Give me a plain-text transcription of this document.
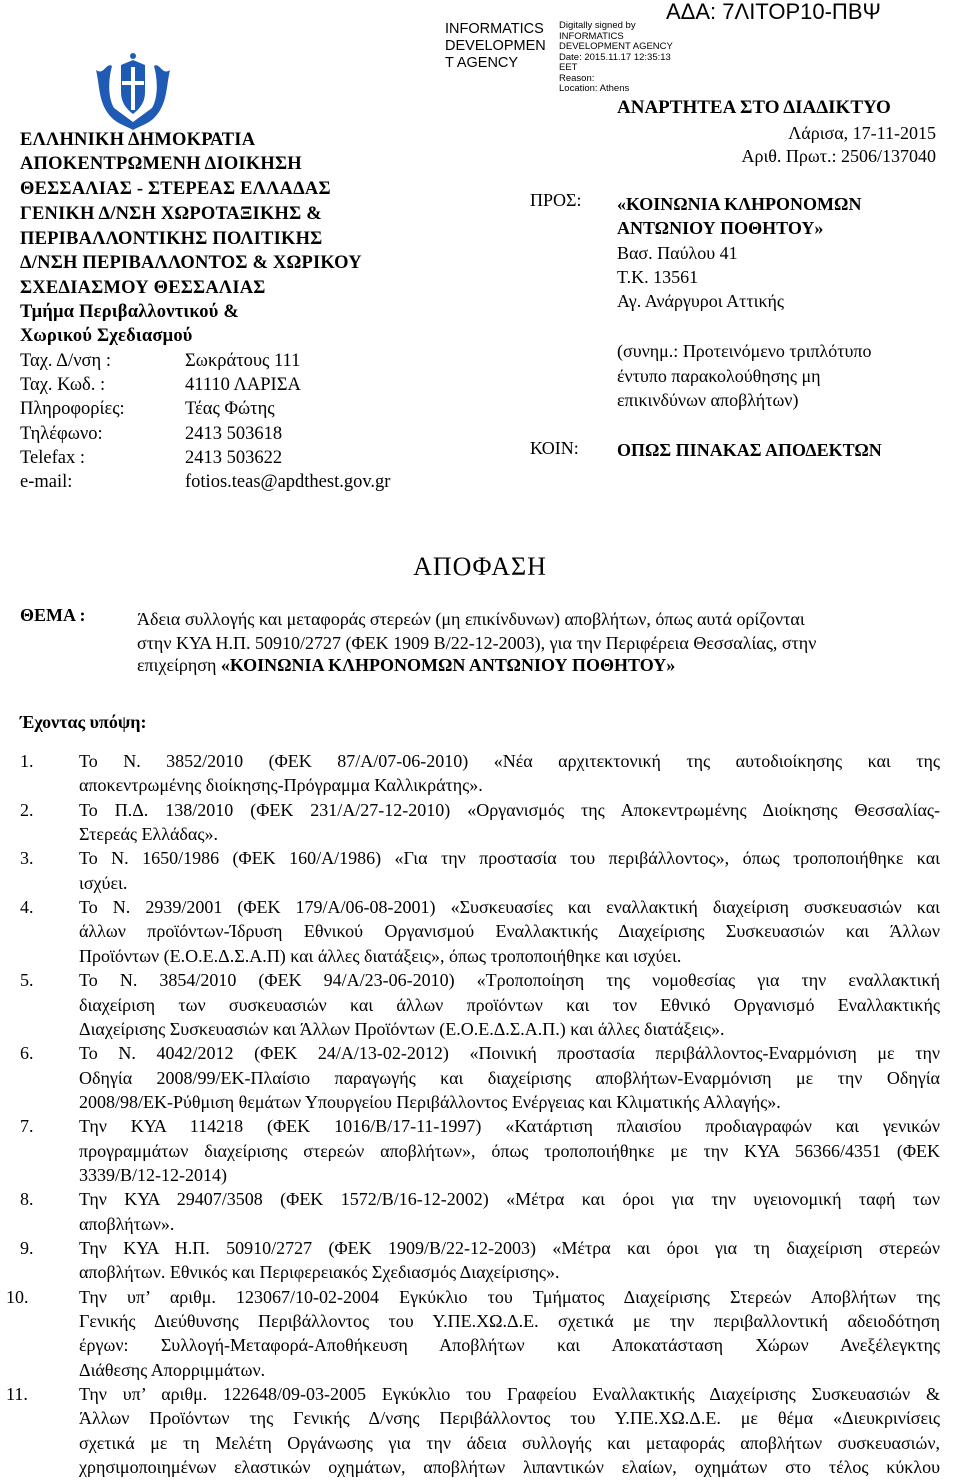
ΑΔΑ: 7ΛΙΤΟΡ10-ΠΒΨ
INFORMATICS
DEVELOPMEN
T AGENCY
Digitally signed by
INFORMATICS
DEVELOPMENT AGENCY
Date: 2015.11.17 12:35:13
EET
Reason:
Location: Athens
ΕΛΛΗΝΙΚΗ ΔΗΜΟΚΡΑΤΙΑ
ΑΠΟΚΕΝΤΡΩΜΕΝΗ ΔΙΟΙΚΗΣΗ
ΘΕΣΣΑΛΙΑΣ - ΣΤΕΡΕΑΣ ΕΛΛΑΔΑΣ
ΓΕΝΙΚΗ Δ/ΝΣΗ ΧΩΡΟΤΑΞΙΚΗΣ &
ΠΕΡΙΒΑΛΛΟΝΤΙΚΗΣ ΠΟΛΙΤΙΚΗΣ
Δ/ΝΣΗ ΠΕΡΙΒΑΛΛΟΝΤΟΣ & ΧΩΡΙΚΟΥ
ΣΧΕΔΙΑΣΜΟΥ ΘΕΣΣΑΛΙΑΣ
Τμήμα Περιβαλλοντικού &
Χωρικού Σχεδιασμού
Ταχ. Δ/νση :	Σωκράτους 111
Ταχ. Κωδ. :	41110 ΛΑΡΙΣΑ
Πληροφορίες:	Τέας Φώτης
Τηλέφωνο:	2413 503618
Telefax :	2413 503622
e-mail:	fotios.teas@apdthest.gov.gr
ΑΝΑΡΤΗΤΕΑ ΣΤΟ ΔΙΑΔΙΚΤΥΟ
Λάρισα, 17-11-2015
Αριθ. Πρωτ.: 2506/137040
ΠΡΟΣ: «ΚΟΙΝΩΝΙΑ ΚΛΗΡΟΝΟΜΩΝ
ΑΝΤΩΝΙΟΥ ΠΟΘΗΤΟΥ»
Βασ. Παύλου 41
Τ.Κ. 13561
Αγ. Ανάργυροι Αττικής
(συνημ.: Προτεινόμενο τριπλότυπο
έντυπο παρακολούθησης μη
επικινδύνων αποβλήτων)
ΚΟΙΝ: ΟΠΩΣ ΠΙΝΑΚΑΣ ΑΠΟΔΕΚΤΩΝ
ΑΠΟΦΑΣΗ
ΘΕΜΑ :	Άδεια συλλογής και μεταφοράς στερεών (μη επικίνδυνων) αποβλήτων, όπως αυτά ορίζονται
στην ΚΥΑ Η.Π. 50910/2727 (ΦΕΚ 1909 Β/22-12-2003), για την Περιφέρεια Θεσσαλίας, στην
επιχείρηση «ΚΟΙΝΩΝΙΑ ΚΛΗΡΟΝΟΜΩΝ ΑΝΤΩΝΙΟΥ ΠΟΘΗΤΟΥ»
Έχοντας υπόψη:
1.	Το Ν. 3852/2010 (ΦΕΚ 87/Α/07-06-2010) «Νέα αρχιτεκτονική της αυτοδιοίκησης και της
αποκεντρωμένης διοίκησης-Πρόγραμμα Καλλικράτης».
2.	Το Π.Δ. 138/2010 (ΦΕΚ 231/Α/27-12-2010) «Οργανισμός της Αποκεντρωμένης Διοίκησης Θεσσαλίας-
Στερεάς Ελλάδας».
3.	Το Ν. 1650/1986 (ΦΕΚ 160/Α/1986) «Για την προστασία του περιβάλλοντος», όπως τροποποιήθηκε και
ισχύει.
4.	Το Ν. 2939/2001 (ΦΕΚ 179/Α/06-08-2001) «Συσκευασίες και εναλλακτική διαχείριση συσκευασιών και
άλλων προϊόντων-Ίδρυση Εθνικού Οργανισμού Εναλλακτικής Διαχείρισης Συσκευασιών και Άλλων
Προϊόντων (Ε.Ο.Ε.Δ.Σ.Α.Π) και άλλες διατάξεις», όπως τροποποιήθηκε και ισχύει.
5.	Το Ν. 3854/2010 (ΦΕΚ 94/Α/23-06-2010) «Τροποποίηση της νομοθεσίας για την εναλλακτική
διαχείριση των συσκευασιών και άλλων προϊόντων και τον Εθνικό Οργανισμό Εναλλακτικής
Διαχείρισης Συσκευασιών και Άλλων Προϊόντων (Ε.Ο.Ε.Δ.Σ.Α.Π.) και άλλες διατάξεις».
6.	Το Ν. 4042/2012 (ΦΕΚ 24/Α/13-02-2012) «Ποινική προστασία περιβάλλοντος-Εναρμόνιση με την
Οδηγία 2008/99/ΕΚ-Πλαίσιο παραγωγής και διαχείρισης αποβλήτων-Εναρμόνιση με την Οδηγία
2008/98/ΕΚ-Ρύθμιση θεμάτων Υπουργείου Περιβάλλοντος Ενέργειας και Κλιματικής Αλλαγής».
7.	Την ΚΥΑ 114218 (ΦΕΚ 1016/Β/17-11-1997) «Κατάρτιση πλαισίου προδιαγραφών και γενικών
προγραμμάτων διαχείρισης στερεών αποβλήτων», όπως τροποποιήθηκε με την ΚΥΑ 56366/4351 (ΦΕΚ
3339/Β/12-12-2014)
8.	Την ΚΥΑ 29407/3508 (ΦΕΚ 1572/Β/16-12-2002) «Μέτρα και όροι για την υγειονομική ταφή των
αποβλήτων».
9.	Την ΚΥΑ Η.Π. 50910/2727 (ΦΕΚ 1909/Β/22-12-2003) «Μέτρα και όροι για τη διαχείριση στερεών
αποβλήτων. Εθνικός και Περιφερειακός Σχεδιασμός Διαχείρισης».
10.	Την υπ’ αριθμ. 123067/10-02-2004 Εγκύκλιο του Τμήματος Διαχείρισης Στερεών Αποβλήτων της
Γενικής Διεύθυνσης Περιβάλλοντος του Υ.ΠΕ.ΧΩ.Δ.Ε. σχετικά με την περιβαλλοντική αδειοδότηση
έργων: Συλλογή-Μεταφορά-Αποθήκευση Αποβλήτων και Αποκατάσταση Χώρων Ανεξέλεγκτης
Διάθεσης Απορριμμάτων.
11.	Την υπ’ αριθμ. 122648/09-03-2005 Εγκύκλιο του Γραφείου Εναλλακτικής Διαχείρισης Συσκευασιών &
Άλλων Προϊόντων της Γενικής Δ/νσης Περιβάλλοντος του Υ.ΠΕ.ΧΩ.Δ.Ε. με θέμα «Διευκρινίσεις
σχετικά με τη Μελέτη Οργάνωσης για την άδεια συλλογής και μεταφοράς αποβλήτων συσκευασιών,
χρησιμοποιημένων ελαστικών οχημάτων, αποβλήτων λιπαντικών ελαίων, οχημάτων στο τέλος κύκλου
